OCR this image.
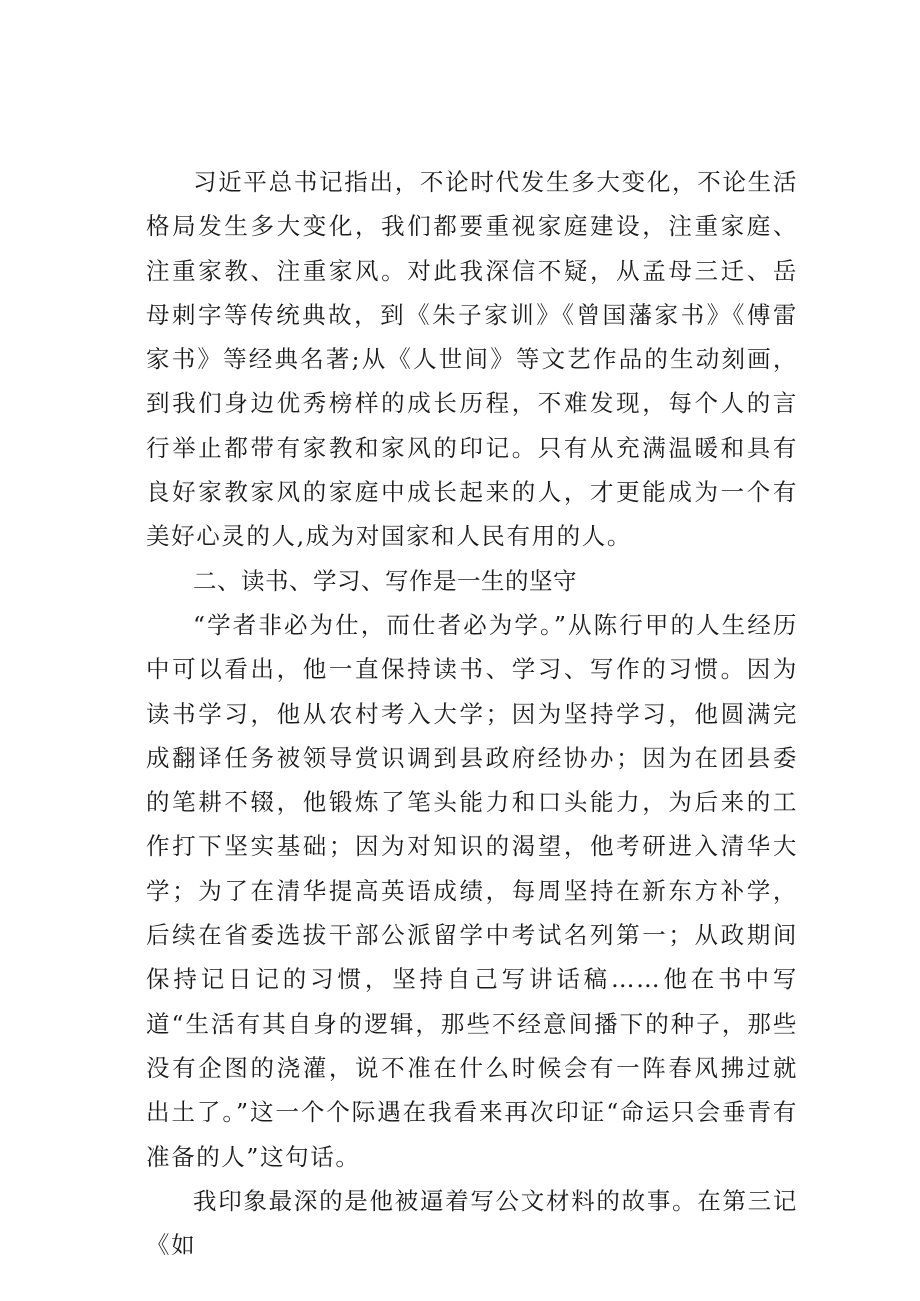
习近平总书记指出，不论时代发生多大变化，不论生活格局发生多大变化，我们都要重视家庭建设，注重家庭、注重家教、注重家风。对此我深信不疑，从孟母三迁、岳母刺字等传统典故，到《朱子家训》《曾国藩家书》《傅雷家书》等经典名著;从《人世间》等文艺作品的生动刻画，到我们身边优秀榜样的成长历程，不难发现，每个人的言行举止都带有家教和家风的印记。只有从充满温暖和具有良好家教家风的家庭中成长起来的人，才更能成为一个有美好心灵的人,成为对国家和人民有用的人。

二、读书、学习、写作是一生的坚守

“学者非必为仕，而仕者必为学。”从陈行甲的人生经历中可以看出，他一直保持读书、学习、写作的习惯。因为读书学习，他从农村考入大学；因为坚持学习，他圆满完成翻译任务被领导赏识调到县政府经协办；因为在团县委的笔耕不辍，他锻炼了笔头能力和口头能力，为后来的工作打下坚实基础；因为对知识的渴望，他考研进入清华大学；为了在清华提高英语成绩，每周坚持在新东方补学，后续在省委选拔干部公派留学中考试名列第一；从政期间保持记日记的习惯，坚持自己写讲话稿……他在书中写道“生活有其自身的逻辑，那些不经意间播下的种子，那些没有企图的浇灌，说不准在什么时候会有一阵春风拂过就出土了。”这一个个际遇在我看来再次印证“命运只会垂青有准备的人”这句话。

我印象最深的是他被逼着写公文材料的故事。在第三记《如
